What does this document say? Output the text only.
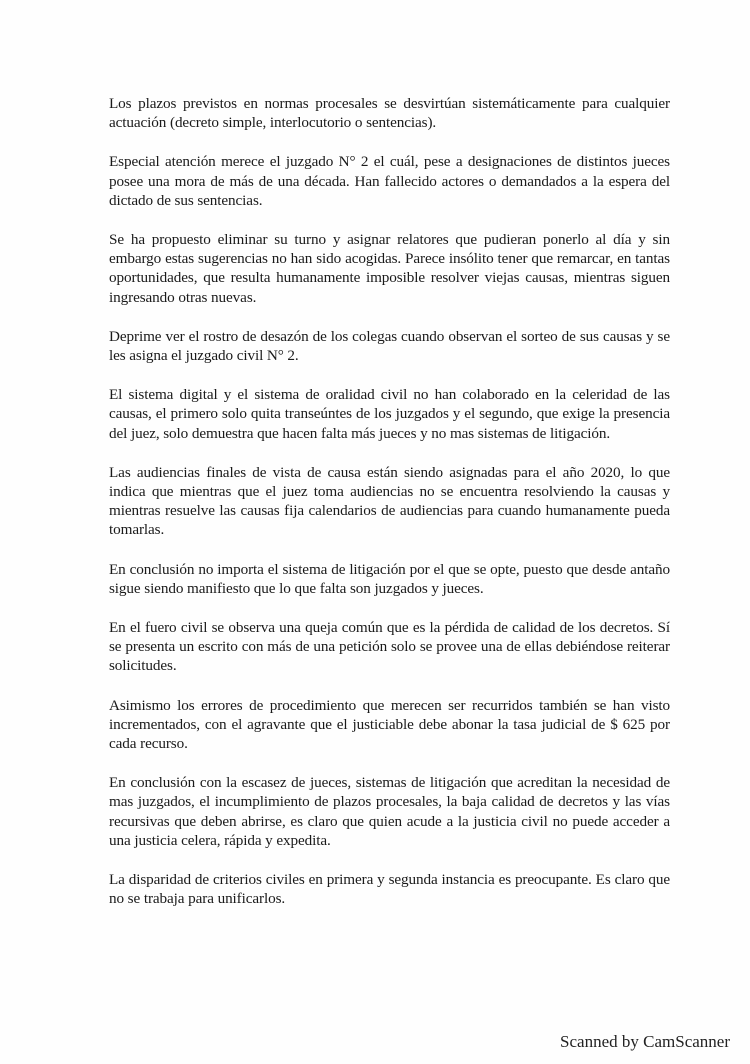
Los plazos previstos en normas procesales se desvirtúan sistemáticamente para cualquier actuación (decreto simple, interlocutorio o sentencias).

Especial atención merece el juzgado N° 2 el cuál, pese a designaciones de distintos jueces posee una mora de más de una década. Han fallecido actores o demandados a la espera del dictado de sus sentencias.

Se ha propuesto eliminar su turno y asignar relatores que pudieran ponerlo al día y sin embargo estas sugerencias no han sido acogidas. Parece insólito tener que remarcar, en tantas oportunidades, que resulta humanamente imposible resolver viejas causas, mientras siguen ingresando otras nuevas.

Deprime ver el rostro de desazón de los colegas cuando observan el sorteo de sus causas y se les asigna el juzgado civil N° 2.

El sistema digital y el sistema de oralidad civil no han colaborado en la celeridad de las causas, el primero solo quita transeúntes de los juzgados y el segundo, que exige la presencia del juez, solo demuestra que hacen falta más jueces y no mas sistemas de litigación.

Las audiencias finales de vista de causa están siendo asignadas para el año 2020, lo que indica que mientras que el juez toma audiencias no se encuentra resolviendo la causas y mientras resuelve las causas fija calendarios de audiencias para cuando humanamente pueda tomarlas.

En conclusión no importa el sistema de litigación por el que se opte, puesto que desde antaño sigue siendo manifiesto que lo que falta son juzgados y jueces.

En el fuero civil se observa una queja común que es la pérdida de calidad de los decretos. Sí se presenta un escrito con más de una petición solo se provee una de ellas debiéndose reiterar solicitudes.

Asimismo los errores de procedimiento que merecen ser recurridos también se han visto incrementados, con el agravante que el justiciable debe abonar la tasa judicial de $ 625 por cada recurso.

En conclusión con la escasez de jueces, sistemas de litigación que acreditan la necesidad de mas juzgados, el incumplimiento de plazos procesales, la baja calidad de decretos y las vías recursivas que deben abrirse, es claro que quien acude a la justicia civil no puede acceder a una justicia celera, rápida y expedita.

La disparidad de criterios civiles en primera y segunda instancia es preocupante. Es claro que no se trabaja para unificarlos.

Scanned by CamScanner
